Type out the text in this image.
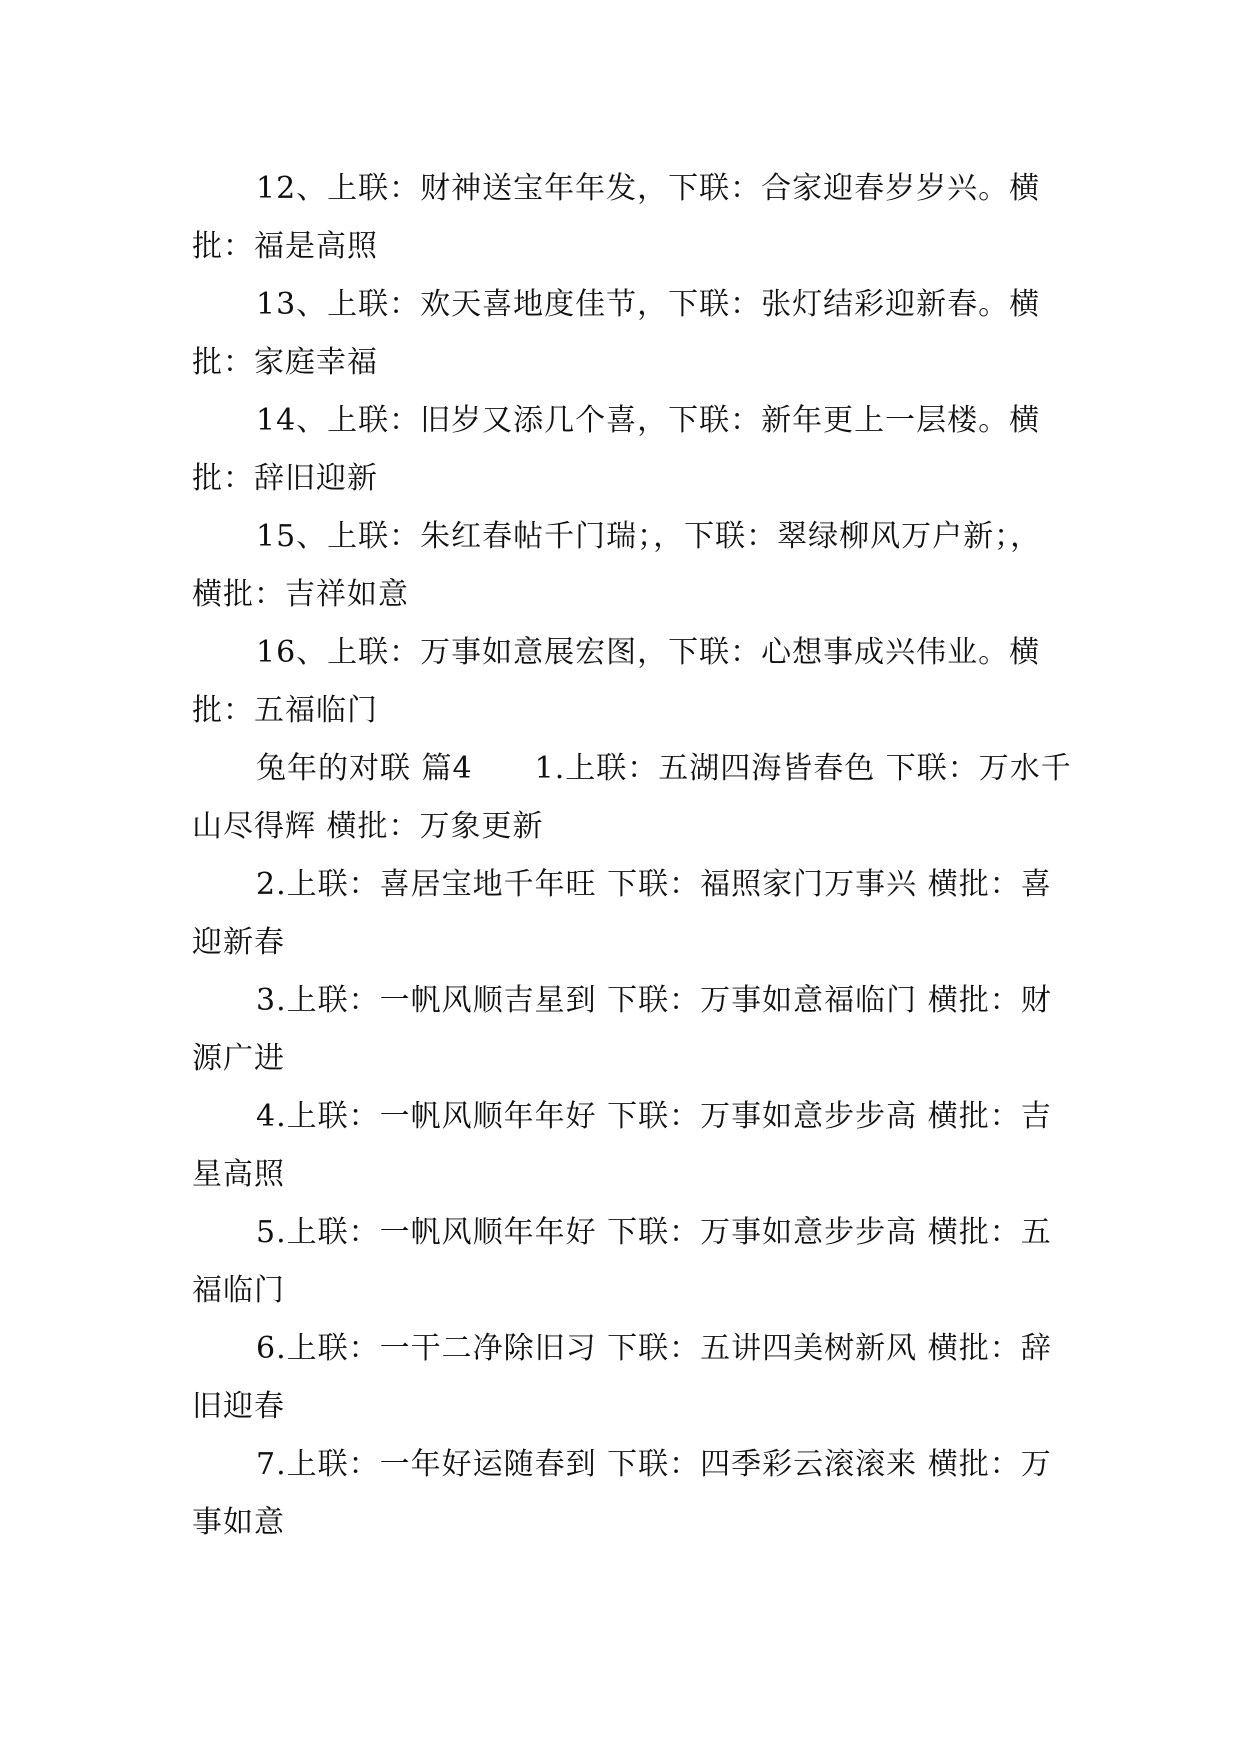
12、上联：财神送宝年年发，下联：合家迎春岁岁兴。横批：福是高照

13、上联：欢天喜地度佳节，下联：张灯结彩迎新春。横批：家庭幸福

14、上联：旧岁又添几个喜，下联：新年更上一层楼。横批：辞旧迎新

15、上联：朱红春帖千门瑞；，下联：翠绿柳风万户新；，横批：吉祥如意

16、上联：万事如意展宏图，下联：心想事成兴伟业。横批：五福临门

兔年的对联 篇4　　1.上联：五湖四海皆春色 下联：万水千山尽得辉 横批：万象更新

2.上联：喜居宝地千年旺 下联：福照家门万事兴 横批：喜迎新春

3.上联：一帆风顺吉星到 下联：万事如意福临门 横批：财源广进

4.上联：一帆风顺年年好 下联：万事如意步步高 横批：吉星高照

5.上联：一帆风顺年年好 下联：万事如意步步高 横批：五福临门

6.上联：一干二净除旧习 下联：五讲四美树新风 横批：辞旧迎春

7.上联：一年好运随春到 下联：四季彩云滚滚来 横批：万事如意
